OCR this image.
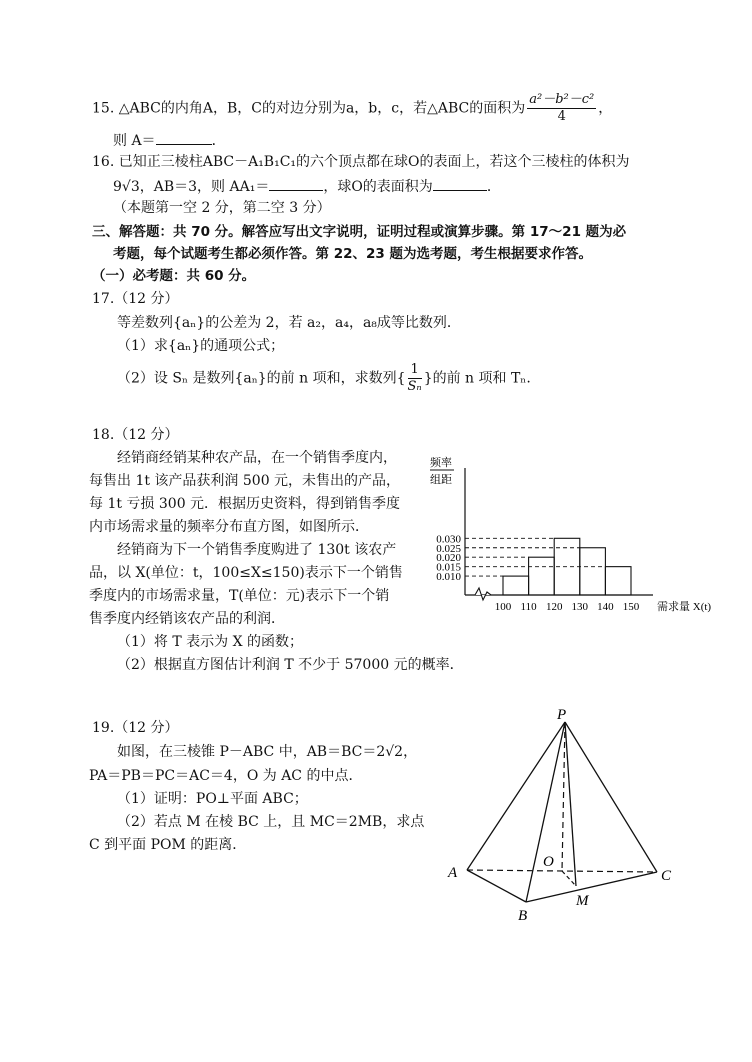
15. △ABC的内角A，B，C的对边分别为a，b，c，若△ABC的面积为 $\frac{\text{a²－b²－c²}}{4}$ ，
则 A＝	．
16. 已知正三棱柱ABC－A₁B₁C₁的六个顶点都在球O的表面上，若这个三棱柱的体积为
9√3，AB＝3，则 AA₁＝	，球O的表面积为	．
（本题第一空 2 分，第二空 3 分）
三、解答题：共 70 分。解答应写出文字说明，证明过程或演算步骤。第 17～21 题为必
考题，每个试题考生都必须作答。第 22、23 题为选考题，考生根据要求作答。
（一）必考题：共 60 分。
17.（12 分）
等差数列{aₙ}的公差为 2，若 a₂，a₄，a₈成等比数列．
（1）求{aₙ}的通项公式；
（2）设 Sₙ 是数列{aₙ}的前 n 项和，求数列{ $\frac{1}{\text{Sₙ}}$ }的前 n 项和 Tₙ.
18.（12 分）
经销商经销某种农产品，在一个销售季度内，
每售出 1t 该产品获利润 500 元，未售出的产品，
每 1t 亏损 300 元．根据历史资料，得到销售季度
内市场需求量的频率分布直方图，如图所示．
经销商为下一个销售季度购进了 130t 该农产
品，以 X(单位：t，100≤X≤150)表示下一个销售
季度内的市场需求量，T(单位：元)表示下一个销
售季度内经销该农产品的利润．
（1）将 T 表示为 X 的函数；
（2）根据直方图估计利润 T 不少于 57000 元的概率．
0.030
0.025
0.020
0.015
0.010
100 110 120 130 140 150
频率
组距
需求量 X(t)
19.（12 分）
如图，在三棱锥 P－ABC 中，AB＝BC＝2√2，
PA＝PB＝PC＝AC＝4，O 为 AC 的中点．
（1）证明：PO⊥平面 ABC；
（2）若点 M 在棱 BC 上，且 MC＝2MB，求点
C 到平面 POM 的距离．
P
A
B
C
O
M
